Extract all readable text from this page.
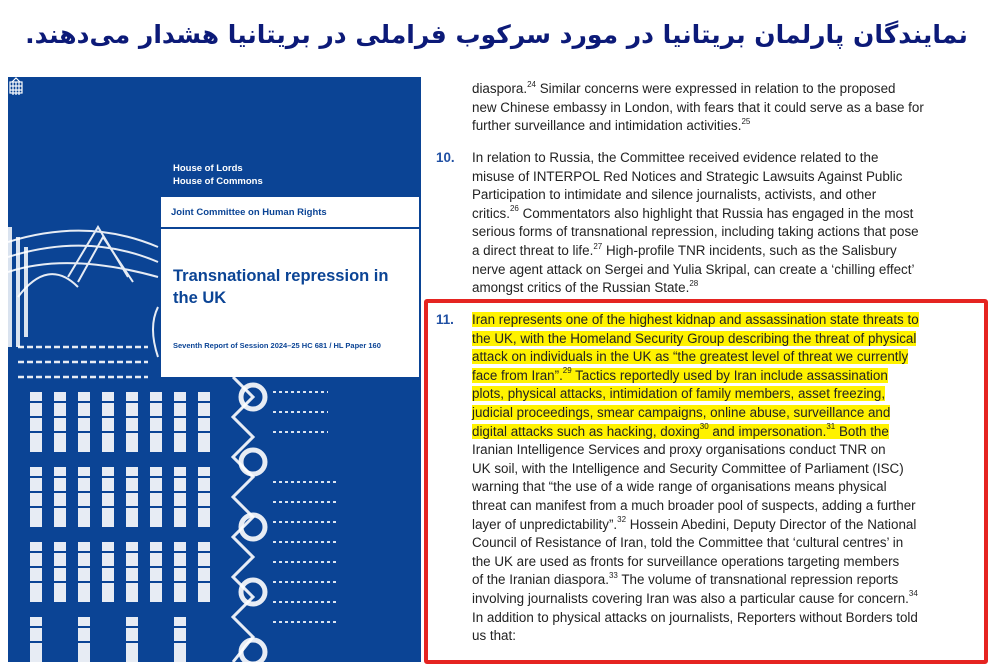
نمایندگان پارلمان بریتانیا در مورد سرکوب فراملی در بریتانیا هشدار می‌دهند.
House of Lords
House of Commons
Joint Committee on Human Rights
Transnational repression in
the UK
Seventh Report of Session 2024–25 HC 681 / HL Paper 160
diaspora.$^{24}$ Similar concerns were expressed in relation to the proposed
new Chinese embassy in London, with fears that it could serve as a base for
further surveillance and intimidation activities.$^{25}$
10. In relation to Russia, the Committee received evidence related to the
misuse of INTERPOL Red Notices and Strategic Lawsuits Against Public
Participation to intimidate and silence journalists, activists, and other
critics.$^{26}$ Commentators also highlight that Russia has engaged in the most
serious forms of transnational repression, including taking actions that pose
a direct threat to life.$^{27}$ High-profile TNR incidents, such as the Salisbury
nerve agent attack on Sergei and Yulia Skripal, can create a ‘chilling effect’
amongst critics of the Russian State.$^{28}$
11. Iran represents one of the highest kidnap and assassination state threats to
the UK, with the Homeland Security Group describing the threat of physical
attack on individuals in the UK as “the greatest level of threat we currently
face from Iran”.$^{29}$ Tactics reportedly used by Iran include assassination
plots, physical attacks, intimidation of family members, asset freezing,
judicial proceedings, smear campaigns, online abuse, surveillance and
digital attacks such as hacking, doxing$^{30}$ and impersonation.$^{31}$ Both the
Iranian Intelligence Services and proxy organisations conduct TNR on
UK soil, with the Intelligence and Security Committee of Parliament (ISC)
warning that “the use of a wide range of organisations means physical
threat can manifest from a much broader pool of suspects, adding a further
layer of unpredictability”.$^{32}$ Hossein Abedini, Deputy Director of the National
Council of Resistance of Iran, told the Committee that ‘cultural centres’ in
the UK are used as fronts for surveillance operations targeting members
of the Iranian diaspora.$^{33}$ The volume of transnational repression reports
involving journalists covering Iran was also a particular cause for concern.$^{34}$
In addition to physical attacks on journalists, Reporters without Borders told
us that:
